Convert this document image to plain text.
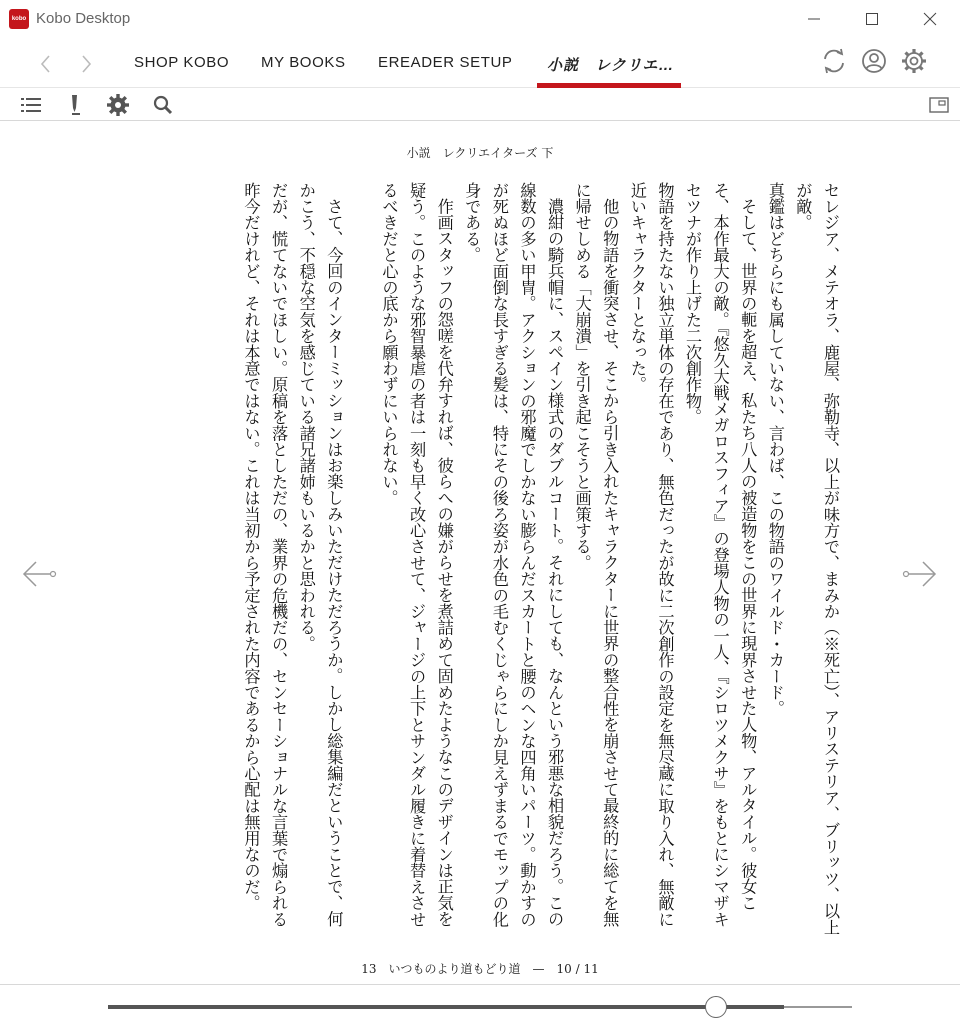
kobo Kobo Desktop
SHOP KOBO MY BOOKS EREADER SETUP 小説　レクリエ…
小説　レクリエイターズ 下

セレジア、メテオラ、鹿屋、弥勒寺、以上が味方で、まみか（※死亡）、アリステリア、ブリッツ、以上が敵。

真鑑はどちらにも属していない、言わば、この物語のワイルド・カード。

そして、世界の軛を超え、私たち八人の被造物をこの世界に現界させた人物、アルタイル。彼女こそ、本作最大の敵。『悠久大戦メガロスフィア』の登場人物の一人、『シロツメクサ』をもとにシマザキセツナが作り上げた二次創作物。

物語を持たない独立単体の存在であり、無色だったが故に二次創作の設定を無尽蔵に取り入れ、無敵に近いキャラクターとなった。

他の物語を衝突させ、そこから引き入れたキャラクターに世界の整合性を崩させて最終的に総てを無に帰せしめる「大崩潰」を引き起こそうと画策する。

濃紺の騎兵帽に、スペイン様式のダブルコート。それにしても、なんという邪悪な相貌だろう。この線数の多い甲冑。アクションの邪魔でしかない膨らんだスカートと腰のヘンな四角いパーツ。動かすのが死ぬほど面倒な長すぎる髪は、特にその後ろ姿が水色の毛むくじゃらにしか見えずまるでモップの化身である。

作画スタッフの怨嗟を代弁すれば、彼らへの嫌がらせを煮詰めて固めたようなこのデザインは正気を疑う。このような邪智暴虐の者は一刻も早く改心させて、ジャージの上下とサンダル履きに着替えさせるべきだと心の底から願わずにいられない。

さて、今回のインターミッションはお楽しみいただけただろうか。しかし総集編だということで、何かこう、不穏な空気を感じている諸兄諸姉もいるかと思われる。

だが、慌てないでほしい。原稿を落としただの、業界の危機だの、センセーショナルな言葉で煽られる昨今だけれど、それは本意ではない。これは当初から予定された内容であるから心配は無用なのだ。

13　いつものより道もどり道　—　10 / 11
